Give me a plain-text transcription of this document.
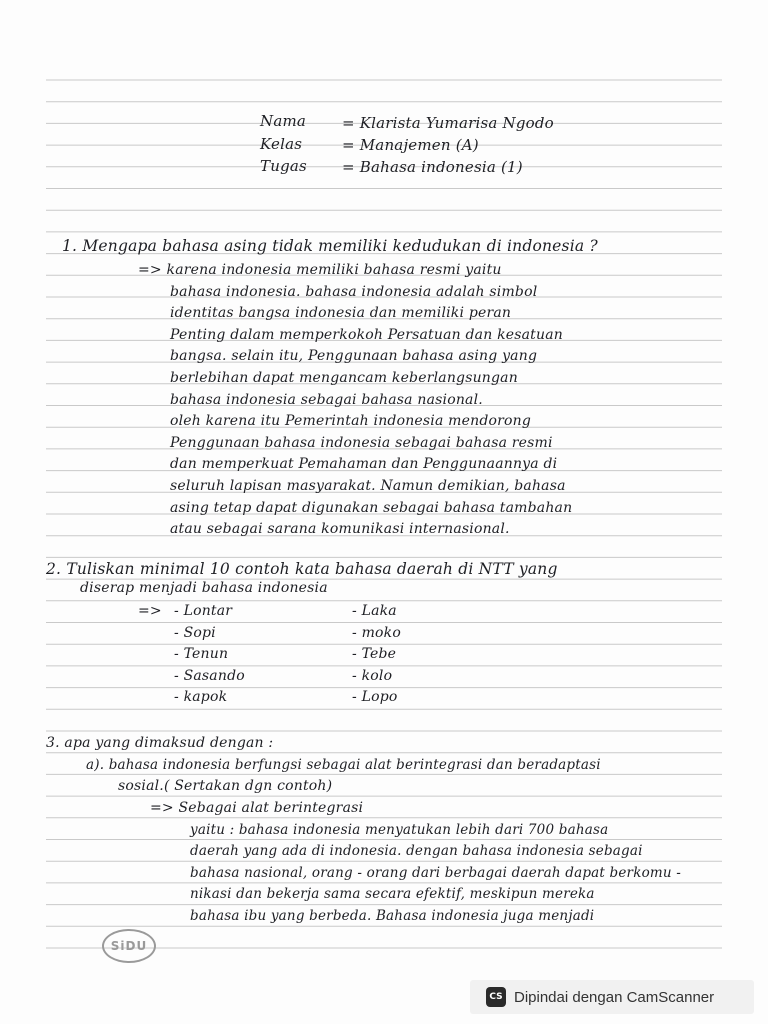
Nama = Klarista Yumarisa Ngodo
Kelas	= Manajemen (A)
Tugas = Bahasa indonesia (1)
1. Mengapa bahasa asing tidak memiliki kedudukan di indonesia ?
=> karena indonesia memiliki bahasa resmi yaitu
bahasa indonesia. bahasa indonesia adalah simbol
identitas bangsa indonesia dan memiliki peran
Penting dalam memperkokoh Persatuan dan kesatuan
bangsa. selain itu, Penggunaan bahasa asing yang
berlebihan dapat mengancam keberlangsungan
bahasa indonesia sebagai bahasa nasional.
oleh karena itu Pemerintah indonesia mendorong
Penggunaan bahasa indonesia sebagai bahasa resmi
dan memperkuat Pemahaman dan Penggunaannya di
seluruh lapisan masyarakat. Namun demikian, bahasa
asing tetap dapat digunakan sebagai bahasa tambahan
atau sebagai sarana komunikasi internasional.
2. Tuliskan minimal 10 contoh kata bahasa daerah di NTT yang
diserap menjadi bahasa indonesia
=> - Lontar
- Sopi
- Tenun
- Sasando
- kapok
- Laka
- moko
- Tebe
- kolo
- Lopo
3. apa yang dimaksud dengan :
a). bahasa indonesia berfungsi sebagai alat berintegrasi dan beradaptasi
sosial.( Sertakan dgn contoh)
=> Sebagai alat berintegrasi
yaitu : bahasa indonesia menyatukan lebih dari 700 bahasa
daerah yang ada di indonesia. dengan bahasa indonesia sebagai
bahasa nasional, orang - orang dari berbagai daerah dapat berkomu -
nikasi dan bekerja sama secara efektif, meskipun mereka
bahasa ibu yang berbeda. Bahasa indonesia juga menjadi
SiDU
CS Dipindai dengan CamScanner
